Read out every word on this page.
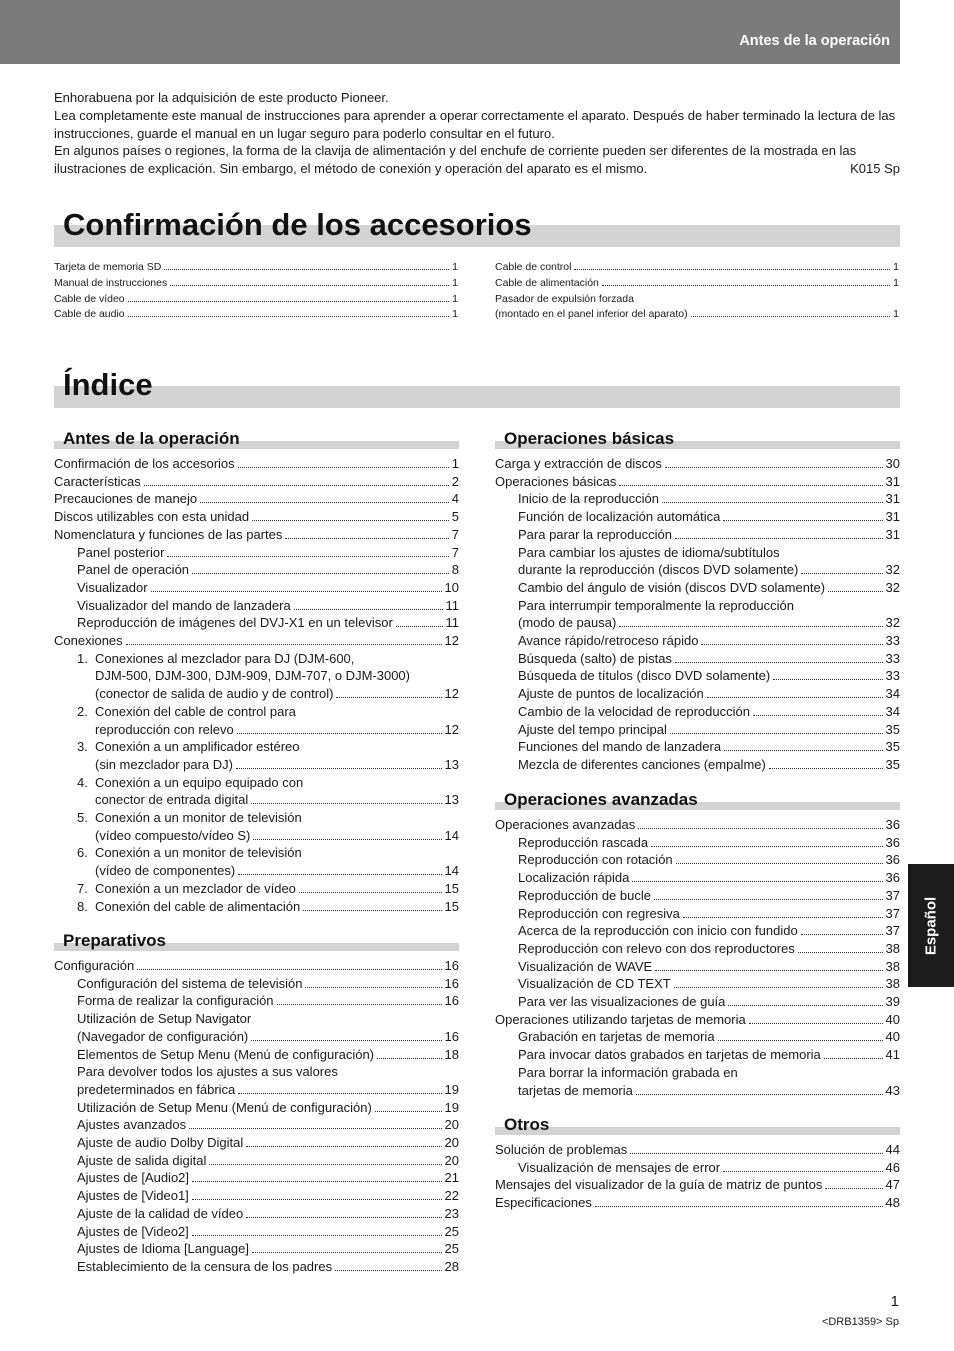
Antes de la operación

Enhorabuena por la adquisición de este producto Pioneer.

Lea completamente este manual de instrucciones para aprender a operar correctamente el aparato. Después de haber terminado la lectura de las instrucciones, guarde el manual en un lugar seguro para poderlo consultar en el futuro.

En algunos países o regiones, la forma de la clavija de alimentación y del enchufe de corriente pueden ser diferentes de la mostrada en las ilustraciones de explicación. Sin embargo, el método de conexión y operación del aparato es el mismo.	K015 Sp

Confirmación de los accesorios
Tarjeta de memoria SD	1
Manual de instrucciones	1
Cable de vídeo	1
Cable de audio	1
Cable de control	1
Cable de alimentación	1
Pasador de expulsión forzada
(montado en el panel inferior del aparato)	1
Índice
Antes de la operación
Confirmación de los accesorios	1
Características	2
Precauciones de manejo	4
Discos utilizables con esta unidad	5
Nomenclatura y funciones de las partes	7
Panel posterior	7
Panel de operación	8
Visualizador	10
Visualizador del mando de lanzadera	11
Reproducción de imágenes del DVJ-X1 en un televisor	11
Conexiones	12
1. Conexiones al mezclador para DJ (DJM-600,
DJM-500, DJM-300, DJM-909, DJM-707, o DJM-3000)
(conector de salida de audio y de control)	12
2. Conexión del cable de control para
reproducción con relevo	12
3. Conexión a un amplificador estéreo
(sin mezclador para DJ)	13
4. Conexión a un equipo equipado con
conector de entrada digital	13
5. Conexión a un monitor de televisión
(vídeo compuesto/vídeo S)	14
6. Conexión a un monitor de televisión
(vídeo de componentes)	14
7. Conexión a un mezclador de vídeo	15
8. Conexión del cable de alimentación	15
Preparativos
Configuración	16
Configuración del sistema de televisión	16
Forma de realizar la configuración	16
Utilización de Setup Navigator
(Navegador de configuración)	16
Elementos de Setup Menu (Menú de configuración)	18
Para devolver todos los ajustes a sus valores
predeterminados en fábrica	19
Utilización de Setup Menu (Menú de configuración)	19
Ajustes avanzados	20
Ajuste de audio Dolby Digital	20
Ajuste de salida digital	20
Ajustes de [Audio2]	21
Ajustes de [Video1]	22
Ajuste de la calidad de vídeo	23
Ajustes de [Video2]	25
Ajustes de Idioma [Language]	25
Establecimiento de la censura de los padres	28
Operaciones básicas
Carga y extracción de discos	30
Operaciones básicas	31
Inicio de la reproducción	31
Función de localización automática	31
Para parar la reproducción	31
Para cambiar los ajustes de idioma/subtítulos
durante la reproducción (discos DVD solamente)	32
Cambio del ángulo de visión (discos DVD solamente)	32
Para interrumpir temporalmente la reproducción
(modo de pausa)	32
Avance rápido/retroceso rápido	33
Búsqueda (salto) de pistas	33
Búsqueda de títulos (disco DVD solamente)	33
Ajuste de puntos de localización	34
Cambio de la velocidad de reproducción	34
Ajuste del tempo principal	35
Funciones del mando de lanzadera	35
Mezcla de diferentes canciones (empalme)	35
Operaciones avanzadas
Operaciones avanzadas	36
Reproducción rascada	36
Reproducción con rotación	36
Localización rápida	36
Reproducción de bucle	37
Reproducción con regresiva	37
Acerca de la reproducción con inicio con fundido	37
Reproducción con relevo con dos reproductores	38
Visualización de WAVE	38
Visualización de CD TEXT	38
Para ver las visualizaciones de guía	39
Operaciones utilizando tarjetas de memoria	40
Grabación en tarjetas de memoria	40
Para invocar datos grabados en tarjetas de memoria	41
Para borrar la información grabada en
tarjetas de memoria	43
Otros
Solución de problemas	44
Visualización de mensajes de error	46
Mensajes del visualizador de la guía de matriz de puntos	47
Especificaciones	48
Español
1
<DRB1359> Sp
